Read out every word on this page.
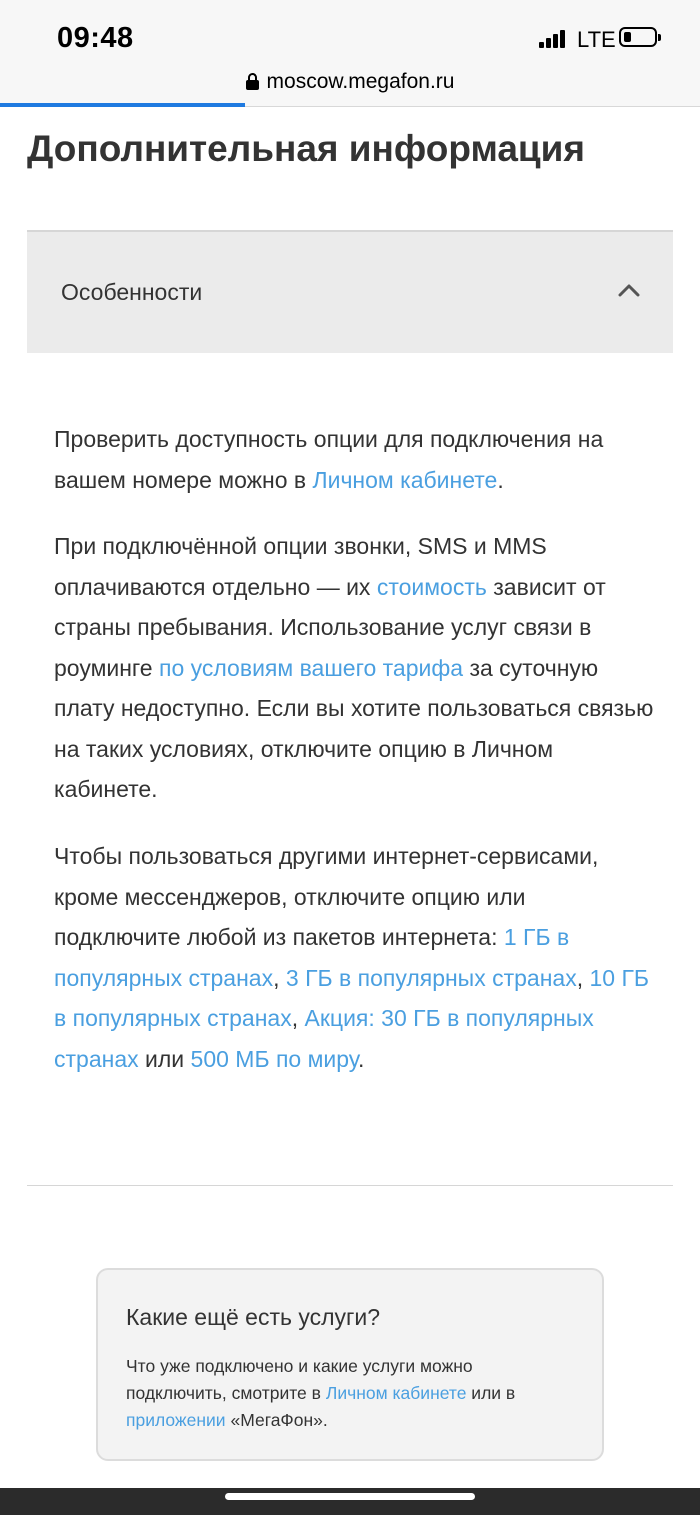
09:48	LTE
moscow.megafon.ru
Дополнительная информация
Особенности

Проверить доступность опции для подключения на вашем номере можно в Личном кабинете.

При подключённой опции звонки, SMS и MMS оплачиваются отдельно — их стоимость зависит от страны пребывания. Использование услуг связи в роуминге по условиям вашего тарифа за суточную плату недоступно. Если вы хотите пользоваться связью на таких условиях, отключите опцию в Личном кабинете.

Чтобы пользоваться другими интернет-сервисами, кроме мессенджеров, отключите опцию или подключите любой из пакетов интернета: 1 ГБ в популярных странах, 3 ГБ в популярных странах, 10 ГБ в популярных странах, Акция: 30 ГБ в популярных странах или 500 МБ по миру.

Какие ещё есть услуги?

Что уже подключено и какие услуги можно подключить, смотрите в Личном кабинете или в приложении «МегаФон».
